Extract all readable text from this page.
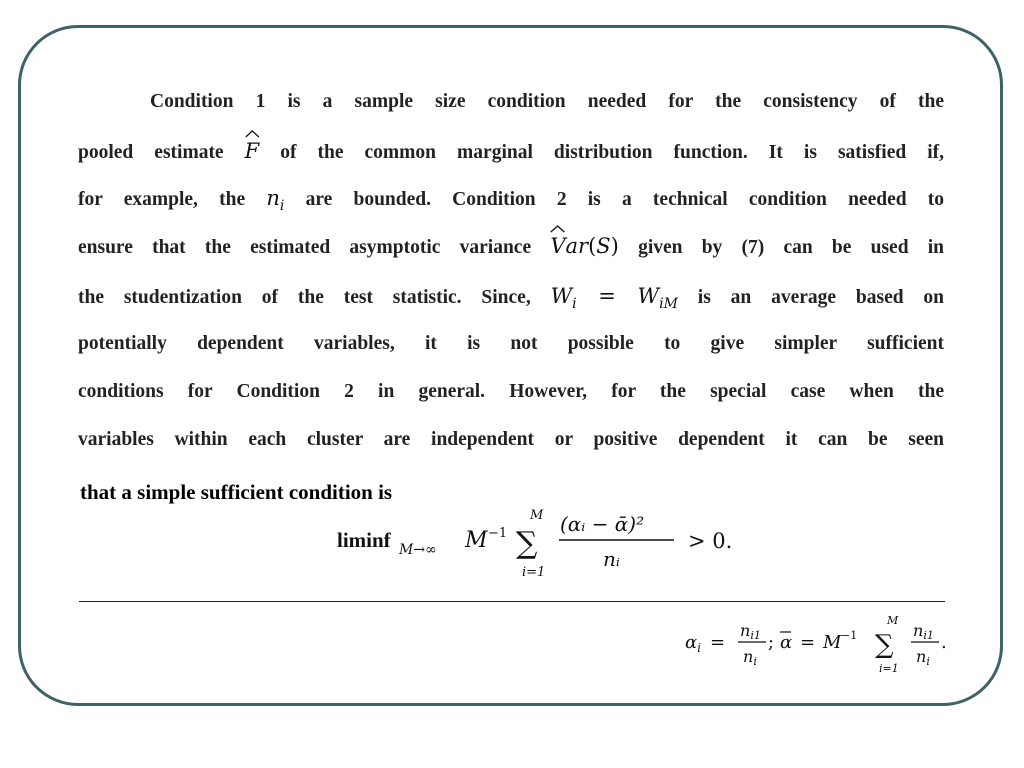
Condition 1 is a sample size condition needed for the consistency of the
pooled estimate F of the common marginal distribution function. It is satisfied if,
for example, the $n_i$ are bounded. Condition 2 is a technical condition needed to
ensure that the estimated asymptotic variance Var(S) given by (7) can be used in
the studentization of the test statistic. Since, $W_i = W_{iM}$ is an average based on
potentially dependent variables, it is not possible to give simpler sufficient
conditions for Condition 2 in general. However, for the special case when the
variables within each cluster are independent or positive dependent it can be seen
that a simple sufficient condition is
liminf M→∞ M −1
M
∑
i=1
(αᵢ − ᾱ)²
nᵢ
> 0.
$\alpha_i$ =
ni1
ni
; α = M −1
M
∑
i=1
ni1
ni
.
